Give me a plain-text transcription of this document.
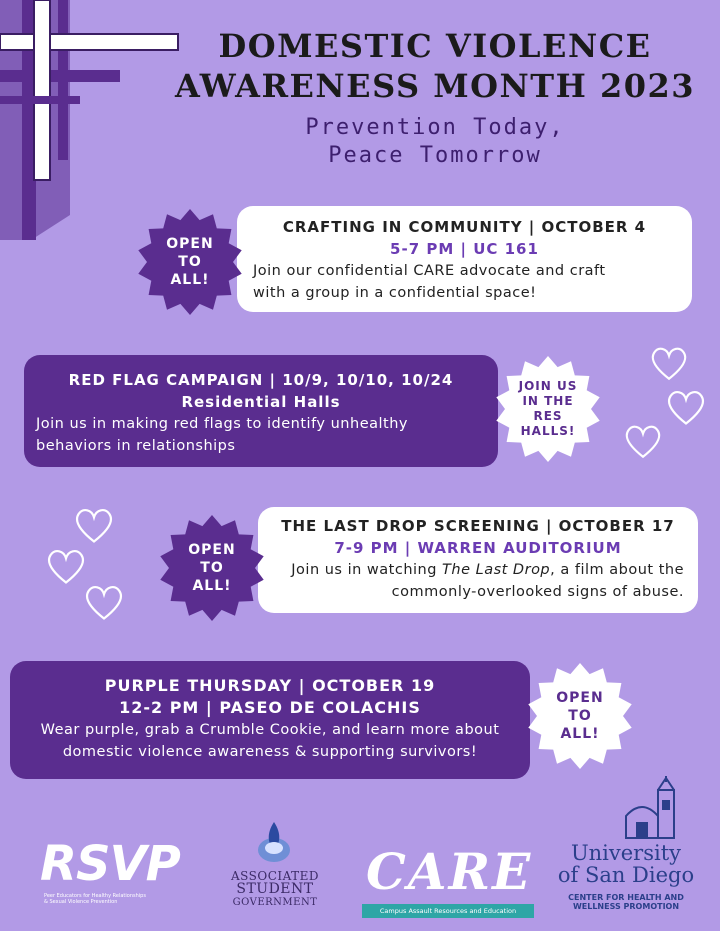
DOMESTIC VIOLENCE
AWARENESS MONTH 2023
Prevention Today,
Peace Tomorrow
CRAFTING IN COMMUNITY | OCTOBER 4
5-7 PM | UC 161
Join our confidential CARE advocate and craft
with a group in a confidential space!
OPEN
TO
ALL!
RED FLAG CAMPAIGN | 10/9, 10/10, 10/24
Residential Halls
Join us in making red flags to identify unhealthy
behaviors in relationships
JOIN US
IN THE
RES
HALLS!
THE LAST DROP SCREENING | OCTOBER 17
7-9 PM | WARREN AUDITORIUM
Join us in watching The Last Drop, a film about the
commonly-overlooked signs of abuse.
OPEN
TO
ALL!
PURPLE THURSDAY | OCTOBER 19
12-2 PM | PASEO DE COLACHIS
Wear purple, grab a Crumble Cookie, and learn more about
domestic violence awareness & supporting survivors!
OPEN
TO
ALL!
RSVP
Peer Educators for Healthy Relationships
& Sexual Violence Prevention
ASSOCIATED
STUDENT
GOVERNMENT
CARE
Campus Assault Resources and Education
University
of San Diego
CENTER FOR HEALTH AND
WELLNESS PROMOTION
